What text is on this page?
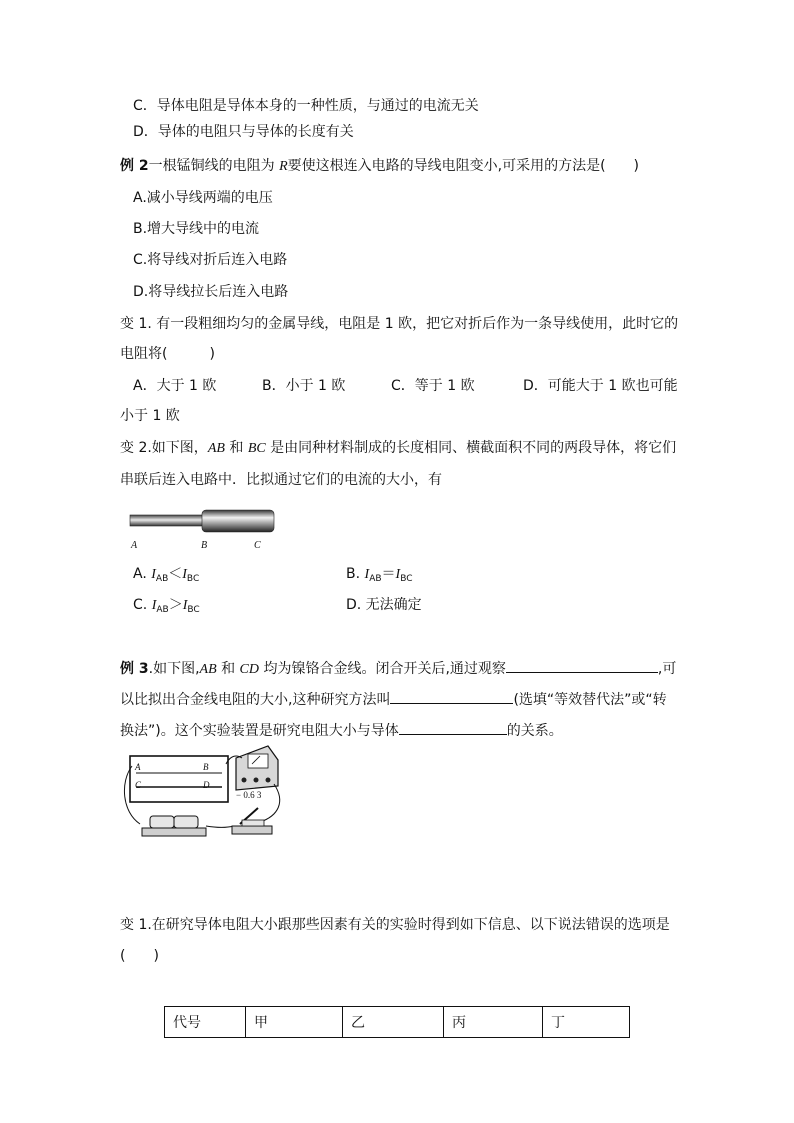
C．导体电阻是导体本身的一种性质，与通过的电流无关
D．导体的电阻只与导体的长度有关
例 2一根锰铜线的电阻为 R要使这根连入电路的导线电阻变小,可采用的方法是(　　)
A.减小导线两端的电压
B.增大导线中的电流
C.将导线对折后连入电路
D.将导线拉长后连入电路
变 1. 有一段粗细均匀的金属导线，电阻是 1 欧，把它对折后作为一条导线使用，此时它的
电阻将(　　　)
A．大于 1 欧	B．小于 1 欧	C．等于 1 欧	D．可能大于 1 欧也可能
小于 1 欧
变 2.如下图，AB 和 BC 是由同种材料制成的长度相同、横截面积不同的两段导体，将它们
串联后连入电路中．比拟通过它们的电流的大小，有
A	B	C
A. $I_{AB}<I_{BC}$	B. $I_{AB}=I_{BC}$
C. $I_{AB}>I_{BC}$	D. 无法确定
例 3.如下图,AB 和 CD 均为镍铬合金线。闭合开关后,通过观察	,可
以比拟出合金线电阻的大小,这种研究方法叫	(选填“等效替代法”或“转
换法”)。这个实验装置是研究电阻大小与导体	的关系。
A	B
C	D
− 0.6 3
变 1.在研究导体电阻大小跟那些因素有关的实验时得到如下信息、以下说法错误的选项是
(　　)
代号	甲	乙	丙	丁
